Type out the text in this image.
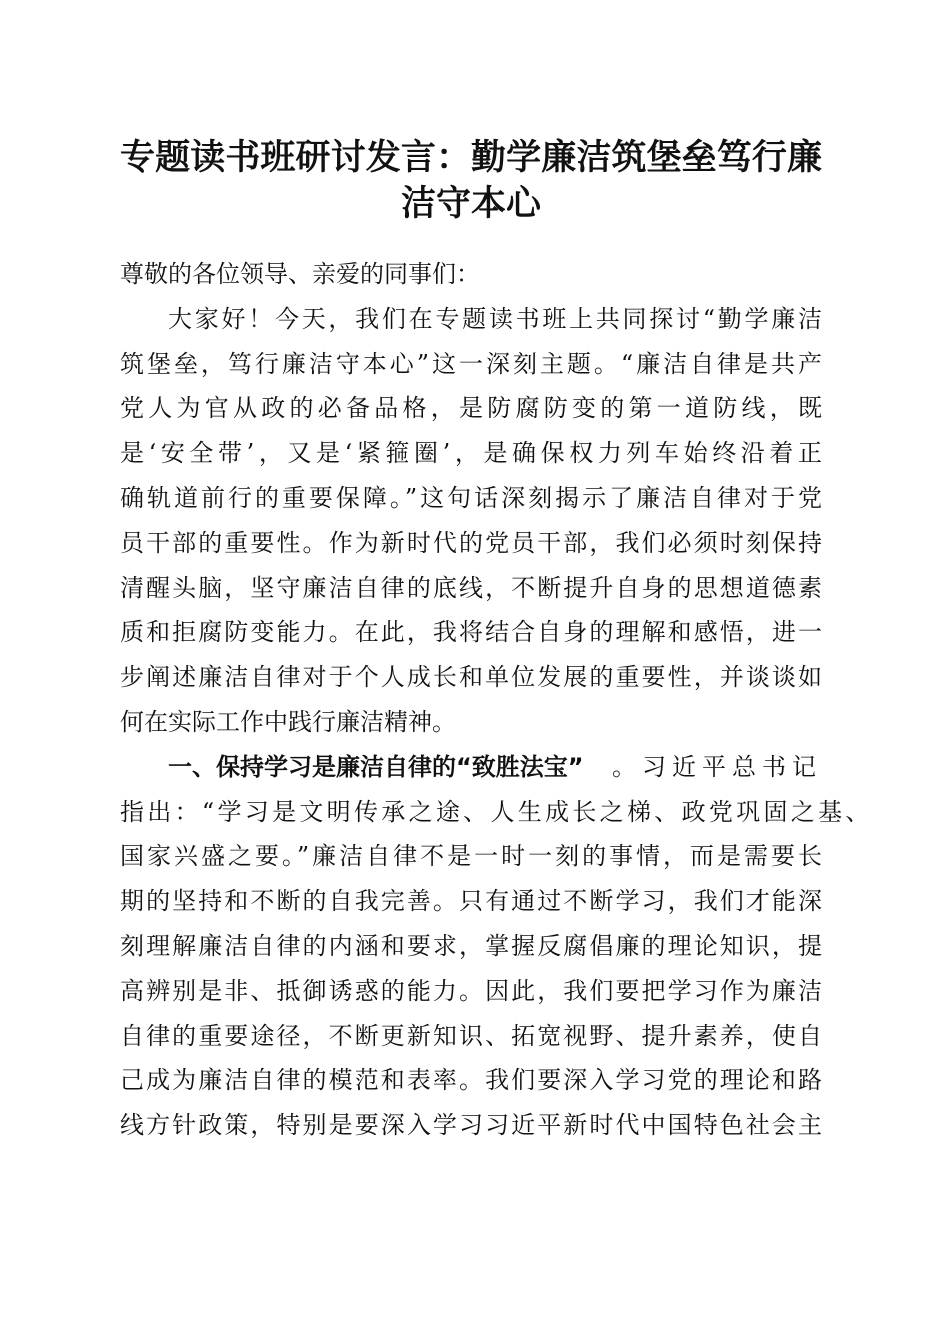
专题读书班研讨发言：勤学廉洁筑堡垒笃行廉
洁守本心
尊敬的各位领导、亲爱的同事们：
大家好！今天，我们在专题读书班上共同探讨“勤学廉洁
筑堡垒，笃行廉洁守本心”这一深刻主题。“廉洁自律是共产
党人为官从政的必备品格，是防腐防变的第一道防线，既
是‘安全带’，又是‘紧箍圈’，是确保权力列车始终沿着正
确轨道前行的重要保障。”这句话深刻揭示了廉洁自律对于党
员干部的重要性。作为新时代的党员干部，我们必须时刻保持
清醒头脑，坚守廉洁自律的底线，不断提升自身的思想道德素
质和拒腐防变能力。在此，我将结合自身的理解和感悟，进一
步阐述廉洁自律对于个人成长和单位发展的重要性，并谈谈如
何在实际工作中践行廉洁精神。
一、保持学习是廉洁自律的“致胜法宝” 。习近平总书记
指出：“学习是文明传承之途、人生成长之梯、政党巩固之基、
国家兴盛之要。”廉洁自律不是一时一刻的事情，而是需要长
期的坚持和不断的自我完善。只有通过不断学习，我们才能深
刻理解廉洁自律的内涵和要求，掌握反腐倡廉的理论知识，提
高辨别是非、抵御诱惑的能力。因此，我们要把学习作为廉洁
自律的重要途径，不断更新知识、拓宽视野、提升素养，使自
己成为廉洁自律的模范和表率。我们要深入学习党的理论和路
线方针政策，特别是要深入学习习近平新时代中国特色社会主
